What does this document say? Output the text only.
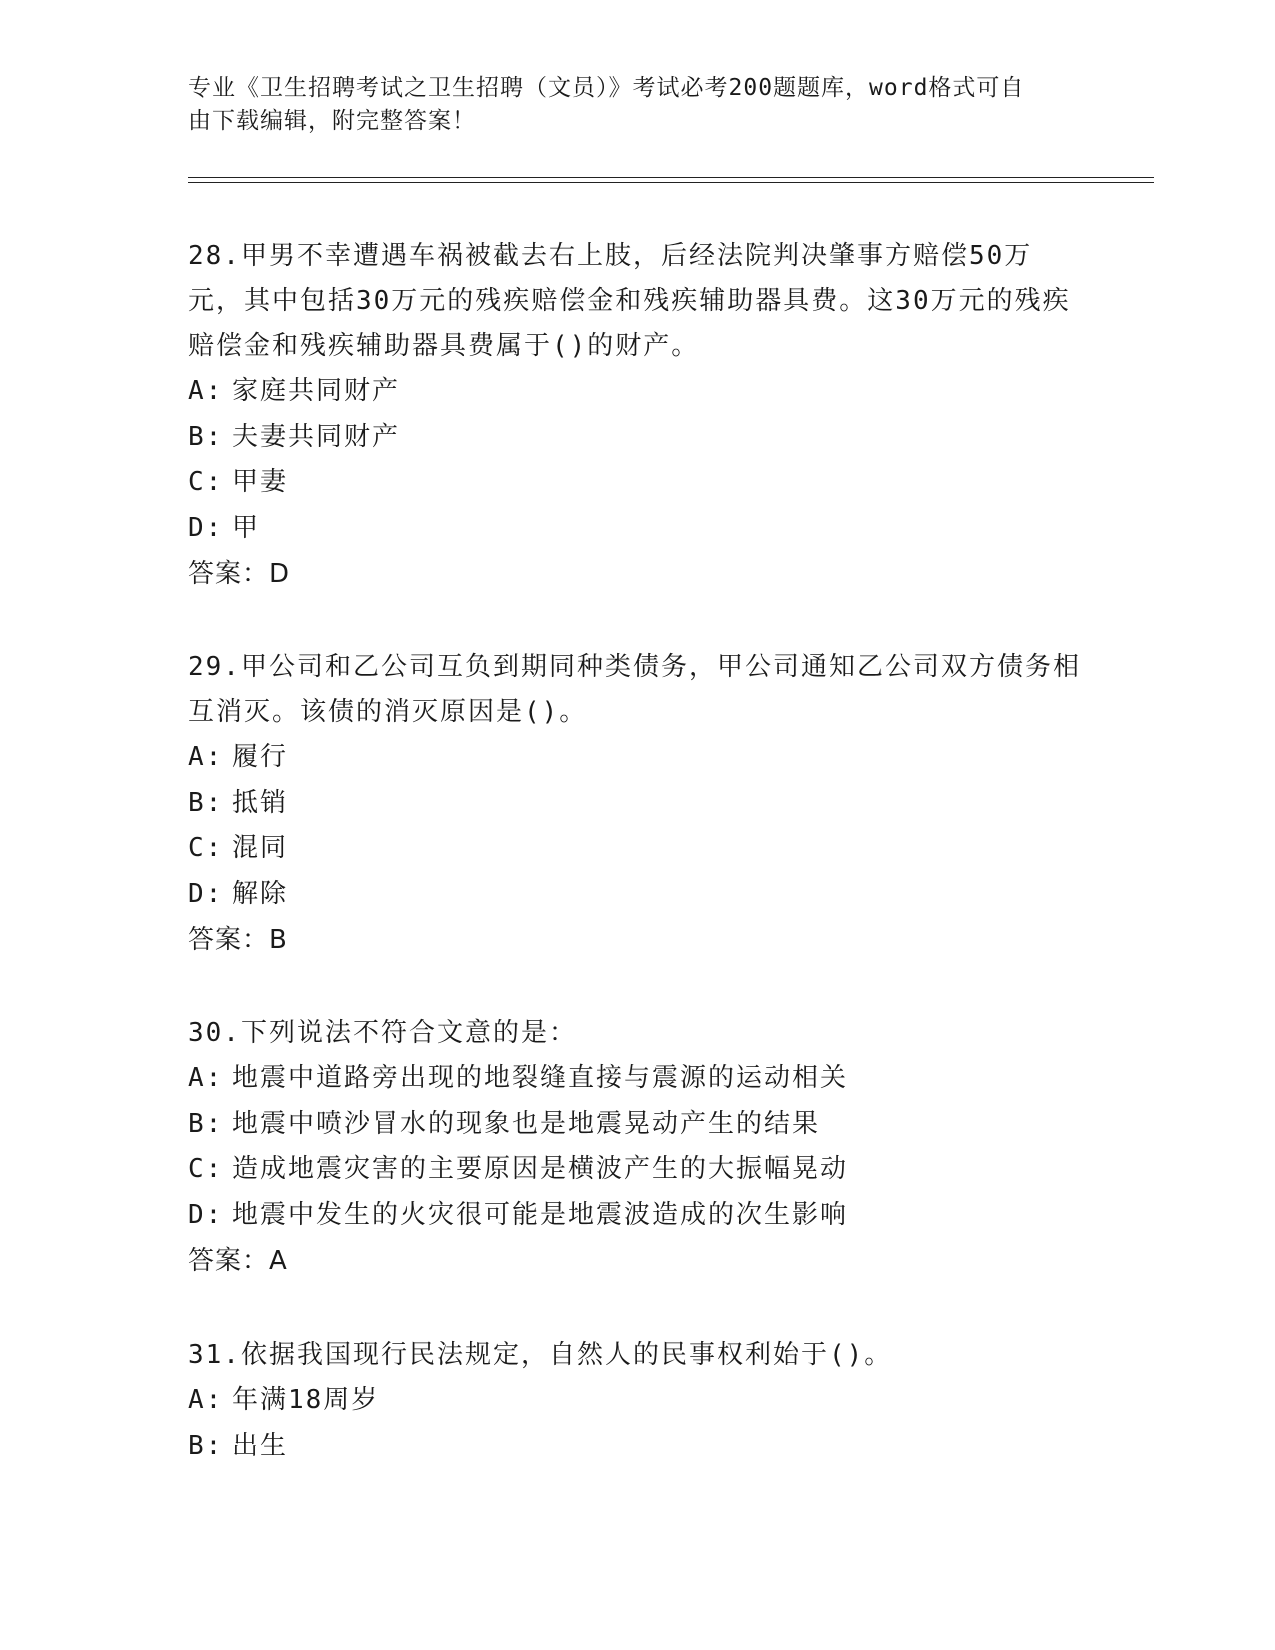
专业《卫生招聘考试之卫生招聘（文员）》考试必考200题题库，word格式可自
由下载编辑，附完整答案！
28.甲男不幸遭遇车祸被截去右上肢，后经法院判决肇事方赔偿50万元，其中包括30万元的残疾赔偿金和残疾辅助器具费。这30万元的残疾赔偿金和残疾辅助器具费属于()的财产。
A: 家庭共同财产
B: 夫妻共同财产
C: 甲妻
D: 甲
答案：D
29.甲公司和乙公司互负到期同种类债务，甲公司通知乙公司双方债务相互消灭。该债的消灭原因是()。
A: 履行
B: 抵销
C: 混同
D: 解除
答案：B
30.下列说法不符合文意的是：
A: 地震中道路旁出现的地裂缝直接与震源的运动相关
B: 地震中喷沙冒水的现象也是地震晃动产生的结果
C: 造成地震灾害的主要原因是横波产生的大振幅晃动
D: 地震中发生的火灾很可能是地震波造成的次生影响
答案：A
31.依据我国现行民法规定，自然人的民事权利始于()。
A: 年满18周岁
B: 出生
